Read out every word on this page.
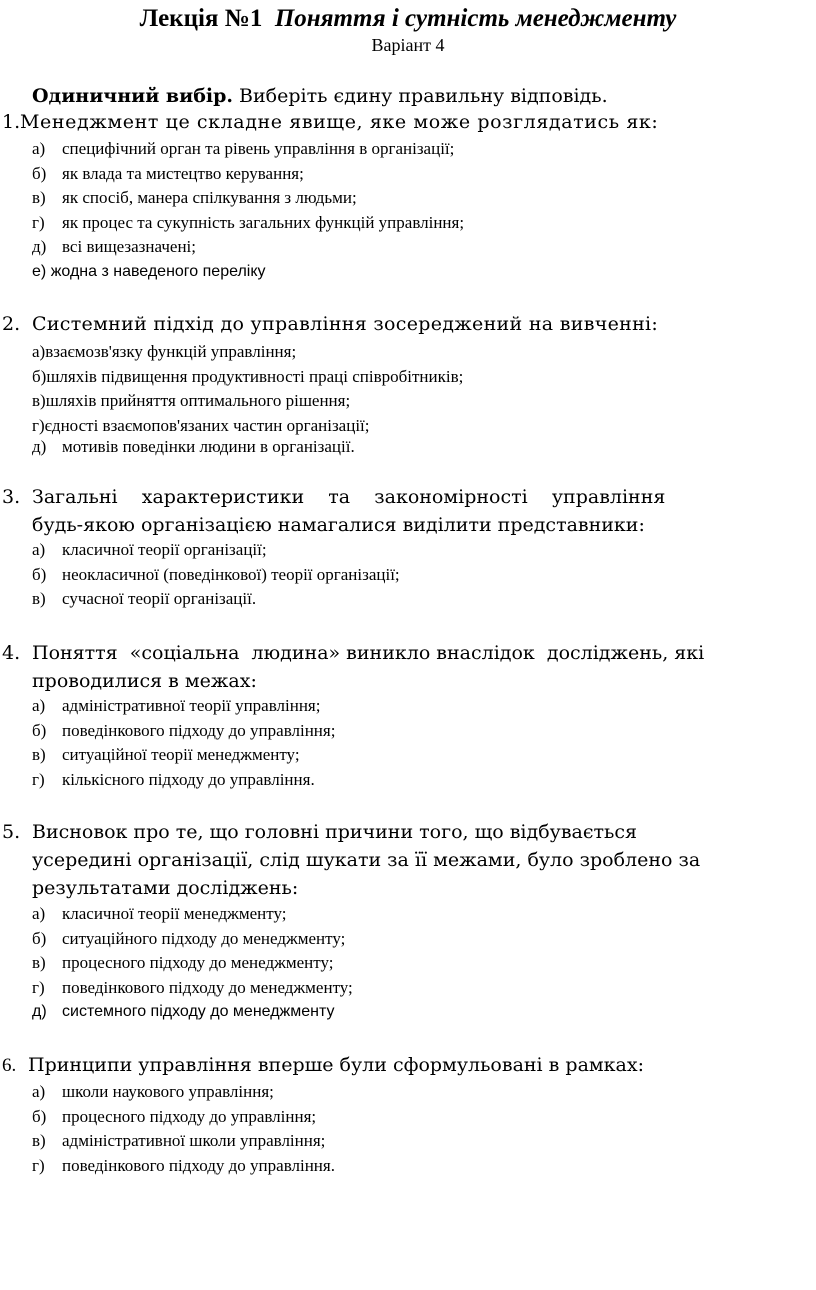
Лекція №1 Поняття і сутність менеджменту
Варіант 4
Одиничний вибір. Виберіть єдину правильну відповідь.
1. Менеджмент це складне явище, яке може розглядатись як:
а) специфічний орган та рівень управління в організації;
б) як влада та мистецтво керування;
в) як спосіб, манера спілкування з людьми;
г) як процес та сукупність загальних функцій управління;
д) всі вищезазначені;
е) жодна з наведеного переліку
2. Системний підхід до управління зосереджений на вивченні:
а)взаємозв'язку функцій управління;
б)шляхів підвищення продуктивності праці співробітників;
в)шляхів прийняття оптимального рішення;
г)єдності взаємопов'язаних частин організації;
д) мотивів поведінки людини в організації.
3. Загальні    характеристики    та    закономірності    управління
будь-якою організацією намагалися виділити представники:
а) класичної теорії організації;
б) неокласичної (поведінкової) теорії організації;
в) сучасної теорії організації.
4. Поняття  «соціальна  людина» виникло внаслідок  досліджень, які
проводилися в межах:
а) адміністративної теорії управління;
б) поведінкового підходу до управління;
в) ситуаційної теорії менеджменту;
г) кількісного підходу до управління.
5. Висновок про те, що головні причини того, що відбувається
усередині організації, слід шукати за її межами, було зроблено за
результатами досліджень:
а) класичної теорії менеджменту;
б) ситуаційного підходу до менеджменту;
в) процесного підходу до менеджменту;
г) поведінкового підходу до менеджменту;
д) системного підходу до менеджменту
6. Принципи управління вперше були сформульовані в рамках:
а) школи наукового управління;
б) процесного підходу до управління;
в) адміністративної школи управління;
г) поведінкового підходу до управління.
